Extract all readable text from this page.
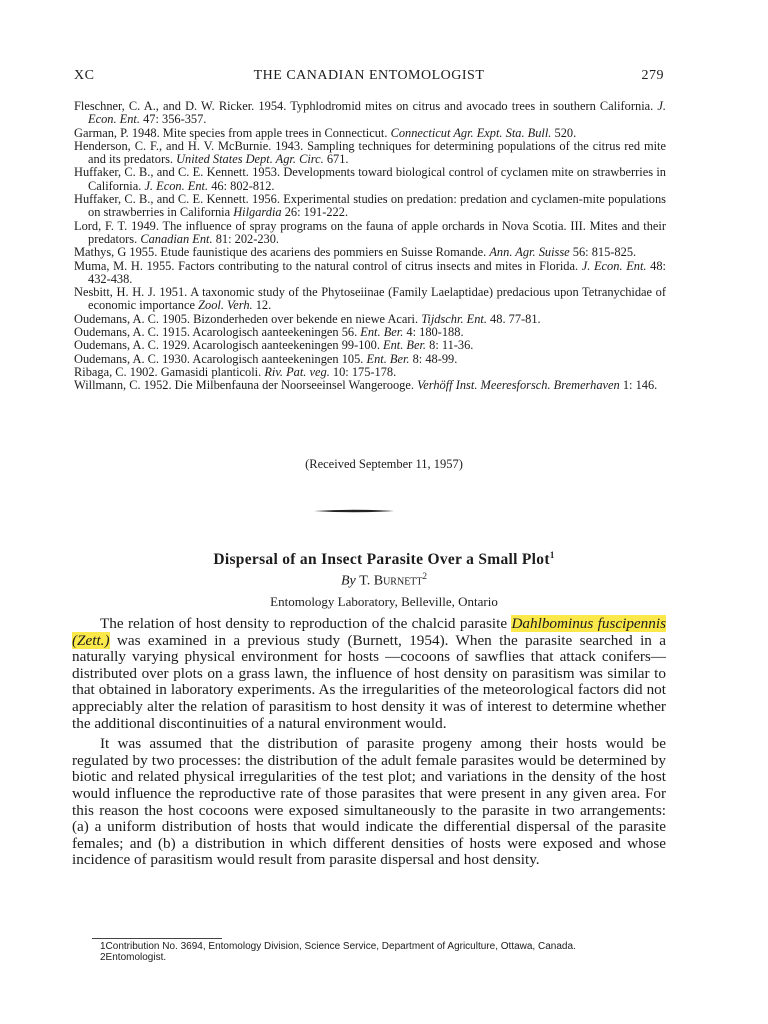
XC	THE CANADIAN ENTOMOLOGIST	279
Fleschner, C. A., and D. W. Ricker. 1954. Typhlodromid mites on citrus and avocado trees in southern California. J. Econ. Ent. 47: 356-357.
Garman, P. 1948. Mite species from apple trees in Connecticut. Connecticut Agr. Expt. Sta. Bull. 520.
Henderson, C. F., and H. V. McBurnie. 1943. Sampling techniques for determining populations of the citrus red mite and its predators. United States Dept. Agr. Circ. 671.
Huffaker, C. B., and C. E. Kennett. 1953. Developments toward biological control of cyclamen mite on strawberries in California. J. Econ. Ent. 46: 802-812.
Huffaker, C. B., and C. E. Kennett. 1956. Experimental studies on predation: predation and cyclamen-mite populations on strawberries in California Hilgardia 26: 191-222.
Lord, F. T. 1949. The influence of spray programs on the fauna of apple orchards in Nova Scotia. III. Mites and their predators. Canadian Ent. 81: 202-230.
Mathys, G 1955. Etude faunistique des acariens des pommiers en Suisse Romande. Ann. Agr. Suisse 56: 815-825.
Muma, M. H. 1955. Factors contributing to the natural control of citrus insects and mites in Florida. J. Econ. Ent. 48: 432-438.
Nesbitt, H. H. J. 1951. A taxonomic study of the Phytoseiinae (Family Laelaptidae) predacious upon Tetranychidae of economic importance Zool. Verh. 12.
Oudemans, A. C. 1905. Bizonderheden over bekende en niewe Acari. Tijdschr. Ent. 48. 77-81.
Oudemans, A. C. 1915. Acarologisch aanteekeningen 56. Ent. Ber. 4: 180-188.
Oudemans, A. C. 1929. Acarologisch aanteekeningen 99-100. Ent. Ber. 8: 11-36.
Oudemans, A. C. 1930. Acarologisch aanteekeningen 105. Ent. Ber. 8: 48-99.
Ribaga, C. 1902. Gamasidi planticoli. Riv. Pat. veg. 10: 175-178.
Willmann, C. 1952. Die Milbenfauna der Noorseeinsel Wangerooge. Verhöff Inst. Meeresforsch. Bremerhaven 1: 146.
(Received September 11, 1957)
Dispersal of an Insect Parasite Over a Small Plot$^1$
By T. Burnett$^2$
Entomology Laboratory, Belleville, Ontario

The relation of host density to reproduction of the chalcid parasite Dahlbominus fuscipennis (Zett.) was examined in a previous study (Burnett, 1954). When the parasite searched in a naturally varying physical environment for hosts —cocoons of sawflies that attack conifers—distributed over plots on a grass lawn, the influence of host density on parasitism was similar to that obtained in laboratory experiments. As the irregularities of the meteorological factors did not appreciably alter the relation of parasitism to host density it was of interest to determine whether the additional discontinuities of a natural environment would.

It was assumed that the distribution of parasite progeny among their hosts would be regulated by two processes: the distribution of the adult female parasites would be determined by biotic and related physical irregularities of the test plot; and variations in the density of the host would influence the reproductive rate of those parasites that were present in any given area. For this reason the host cocoons were exposed simultaneously to the parasite in two arrangements: (a) a uniform distribution of hosts that would indicate the differential dispersal of the parasite females; and (b) a distribution in which different densities of hosts were exposed and whose incidence of parasitism would result from parasite dispersal and host density.

1Contribution No. 3694, Entomology Division, Science Service, Department of Agriculture, Ottawa, Canada.

2Entomologist.
